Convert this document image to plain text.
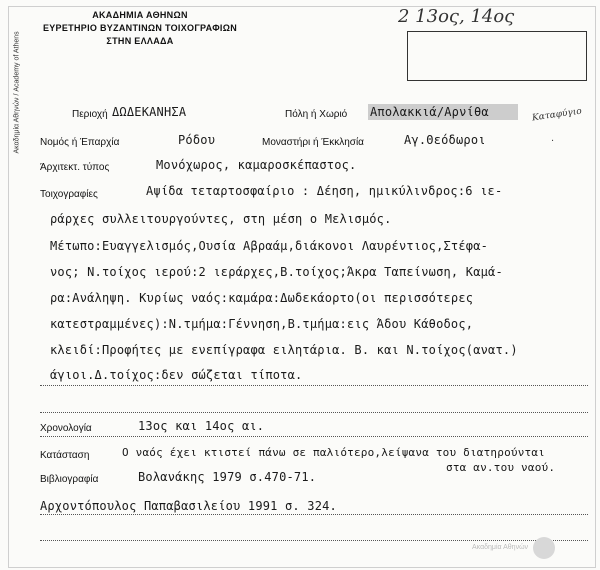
Ακαδημία Αθηνών / Academy of Athens
ΑΚΑΔΗΜΙΑ ΑΘΗΝΩΝ
ΕΥΡΕΤΗΡΙΟ ΒΥΖΑΝΤΙΝΩΝ ΤΟΙΧΟΓΡΑΦΙΩΝ
ΣΤΗΝ ΕΛΛΑΔΑ
2 13ος, 14ος
Περιοχή ΔΩΔΕΚΑΝΗΣΑ	Πόλη ή Χωριό Απολακκιά/Αρνίθα	Καταφύγιο
Νομός ή Έπαρχία	Ρόδου	Μοναστήρι ή Έκκλησία	Αγ.Θεόδωροι	.
Άρχιτεκτ. τύπος	Μονόχωρος, καμαροσκέπαστος.
Τοιχογραφίες	Αψίδα τεταρτοσφαίριο : Δέηση, ημικύλινδρος:6 ιε-
ράρχες συλλειτουργούντες, στη μέση ο Μελισμός.
Μέτωπο:Ευαγγελισμός,Ουσία Αβραάμ,διάκονοι Λαυρέντιος,Στέφα-
νος; Ν.τοίχος ιερού:2 ιεράρχες,Β.τοίχος;Άκρα Ταπείνωση, Καμά-
ρα:Ανάληψη. Κυρίως ναός:καμάρα:Δωδεκάορτο(οι περισσότερες
κατεστραμμένες):Ν.τμήμα:Γέννηση,Β.τμήμα:εις Άδου Κάθοδος,
κλειδί:Προφήτες με ενεπίγραφα ειλητάρια. Β. και Ν.τοίχος(ανατ.)
άγιοι.Δ.τοίχος:δεν σώζεται τίποτα.
Χρονολογία	13ος και 14ος αι.
Κατάσταση	Ο ναός έχει κτιστεί πάνω σε παλιότερο,λείψανα του διατηρούνται
στα αν.του ναού.
Βιβλιογραφία	Βολανάκης 1979 σ.470-71.
Αρχοντόπουλος Παπαβασιλείου 1991 σ. 324.
Ακαδημία Αθηνών
